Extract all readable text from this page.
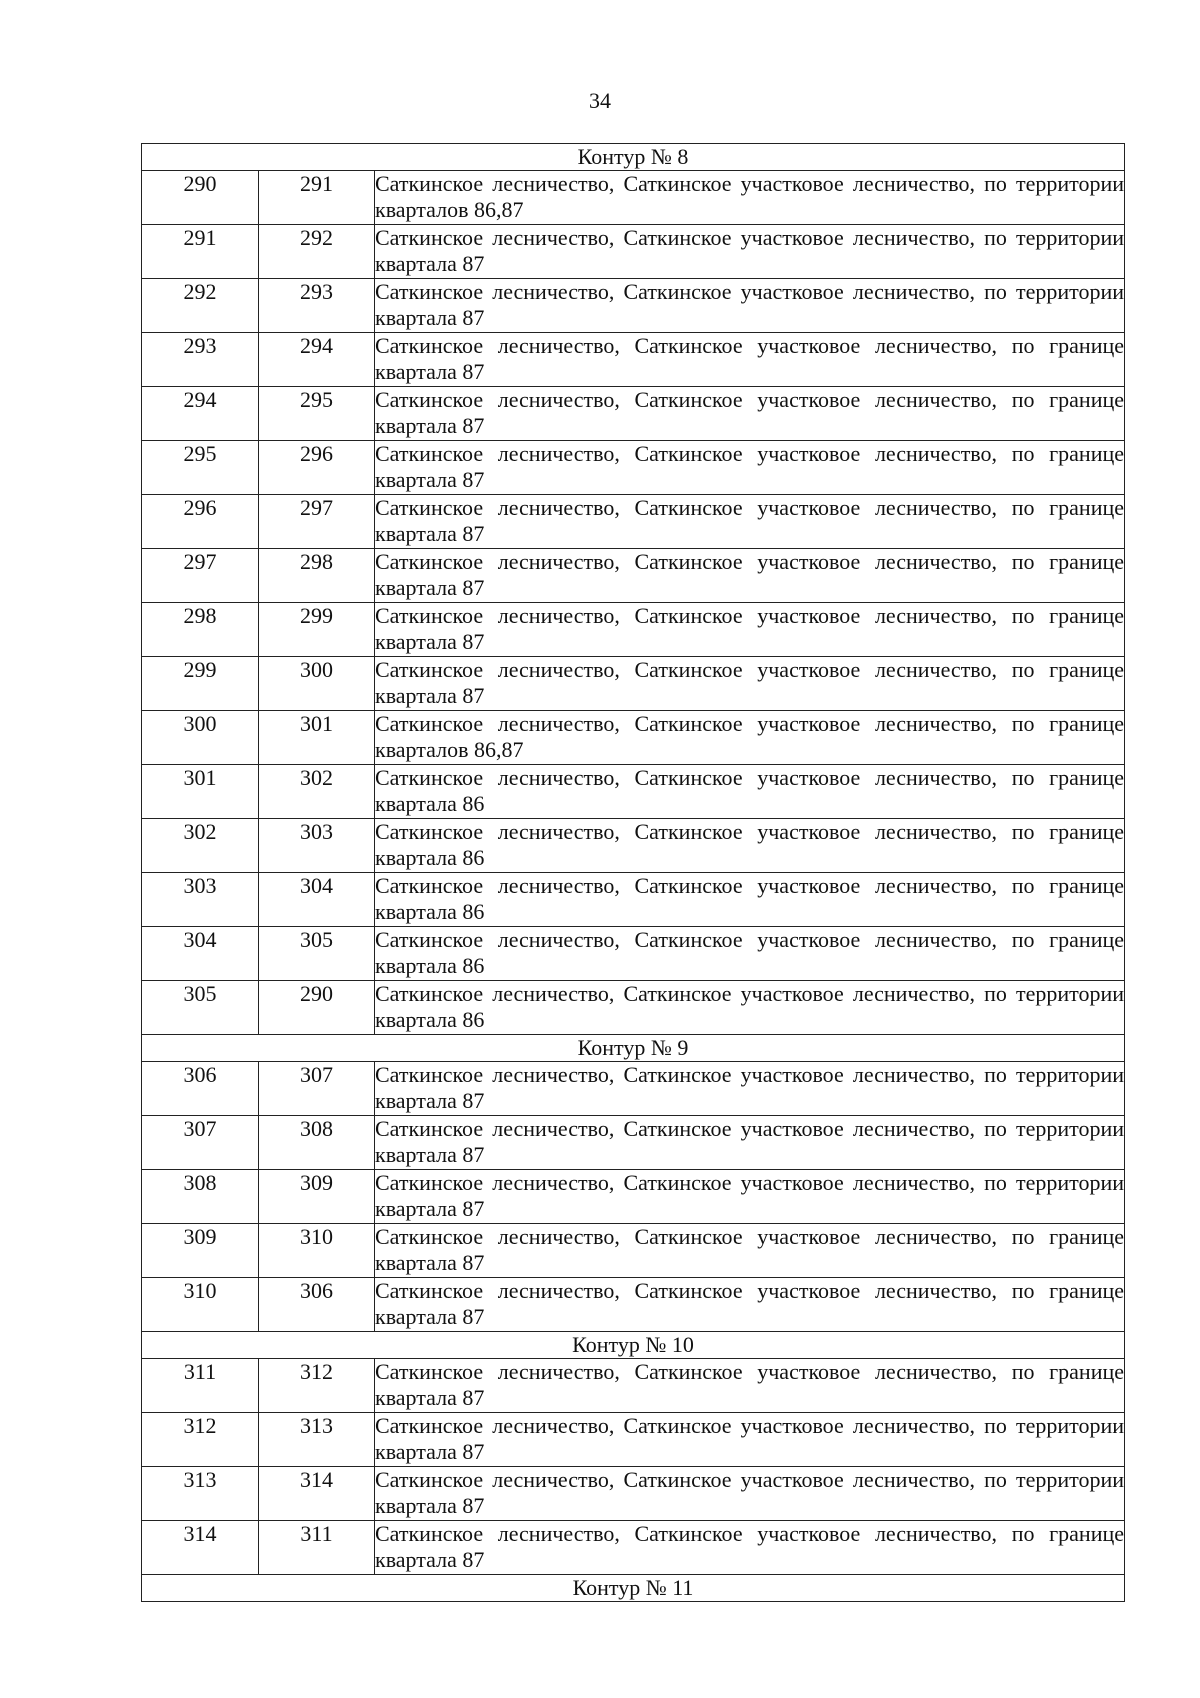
34
Контур № 8		
290	291	Саткинское лесничество, Саткинское участковое лесничество, по территории кварталов 86,87
291	292	Саткинское лесничество, Саткинское участковое лесничество, по территории квартала 87
292	293	Саткинское лесничество, Саткинское участковое лесничество, по территории квартала 87
293	294	Саткинское лесничество, Саткинское участковое лесничество, по границе квартала 87
294	295	Саткинское лесничество, Саткинское участковое лесничество, по границе квартала 87
295	296	Саткинское лесничество, Саткинское участковое лесничество, по границе квартала 87
296	297	Саткинское лесничество, Саткинское участковое лесничество, по границе квартала 87
297	298	Саткинское лесничество, Саткинское участковое лесничество, по границе квартала 87
298	299	Саткинское лесничество, Саткинское участковое лесничество, по границе квартала 87
299	300	Саткинское лесничество, Саткинское участковое лесничество, по границе квартала 87
300	301	Саткинское лесничество, Саткинское участковое лесничество, по границе кварталов 86,87
301	302	Саткинское лесничество, Саткинское участковое лесничество, по границе квартала 86
302	303	Саткинское лесничество, Саткинское участковое лесничество, по границе квартала 86
303	304	Саткинское лесничество, Саткинское участковое лесничество, по границе квартала 86
304	305	Саткинское лесничество, Саткинское участковое лесничество, по границе квартала 86
305	290	Саткинское лесничество, Саткинское участковое лесничество, по территории квартала 86
Контур № 9		
306	307	Саткинское лесничество, Саткинское участковое лесничество, по территории квартала 87
307	308	Саткинское лесничество, Саткинское участковое лесничество, по территории квартала 87
308	309	Саткинское лесничество, Саткинское участковое лесничество, по территории квартала 87
309	310	Саткинское лесничество, Саткинское участковое лесничество, по границе квартала 87
310	306	Саткинское лесничество, Саткинское участковое лесничество, по границе квартала 87
Контур № 10		
311	312	Саткинское лесничество, Саткинское участковое лесничество, по границе квартала 87
312	313	Саткинское лесничество, Саткинское участковое лесничество, по территории квартала 87
313	314	Саткинское лесничество, Саткинское участковое лесничество, по территории квартала 87
314	311	Саткинское лесничество, Саткинское участковое лесничество, по границе квартала 87
Контур № 11		
